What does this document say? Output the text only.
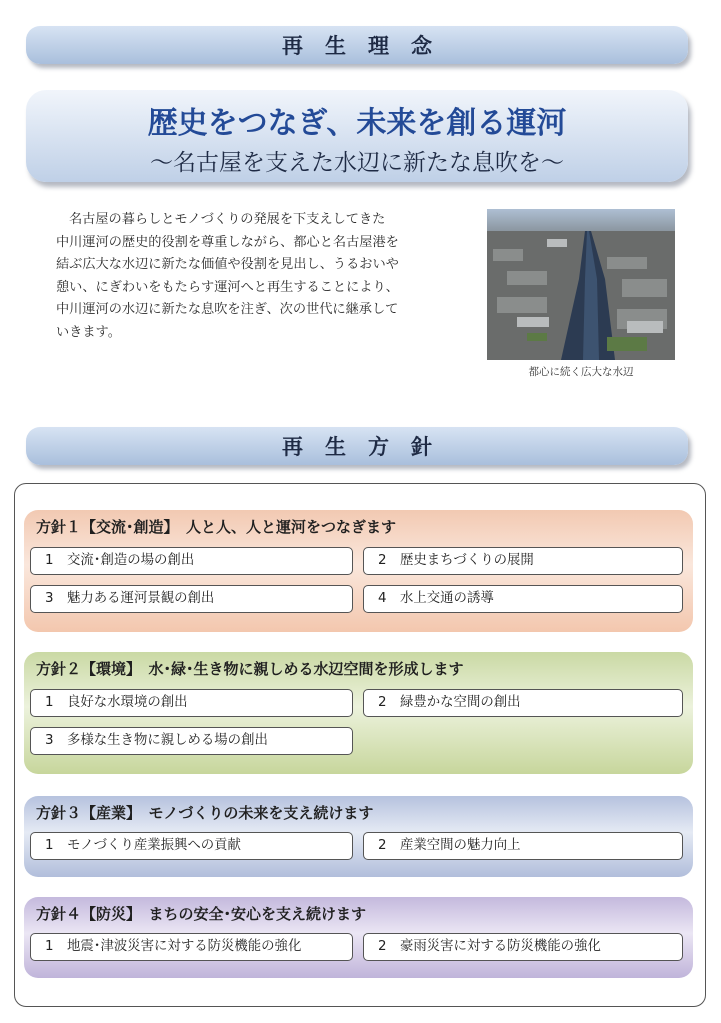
再生理念
歴史をつなぎ、未来を創る運河
～名古屋を支えた水辺に新たな息吹を～
名古屋の暮らしとモノづくりの発展を下支えしてきた
中川運河の歴史的役割を尊重しながら、都心と名古屋港を
結ぶ広大な水辺に新たな価値や役割を見出し、うるおいや
憩い、にぎわいをもたらす運河へと再生することにより、
中川運河の水辺に新たな息吹を注ぎ、次の世代に継承して
いきます。
都心に続く広大な水辺
再生方針
方針１【交流･創造】　人と人、人と運河をつなぎます
1 交流･創造の場の創出	2 歴史まちづくりの展開
3 魅力ある運河景観の創出	4 水上交通の誘導
方針２【環境】　水･緑･生き物に親しめる水辺空間を形成します
1 良好な水環境の創出	2 緑豊かな空間の創出
3 多様な生き物に親しめる場の創出
方針３【産業】　モノづくりの未来を支え続けます
1 モノづくり産業振興への貢献	2 産業空間の魅力向上
方針４【防災】　まちの安全･安心を支え続けます
1 地震･津波災害に対する防災機能の強化	2 豪雨災害に対する防災機能の強化
